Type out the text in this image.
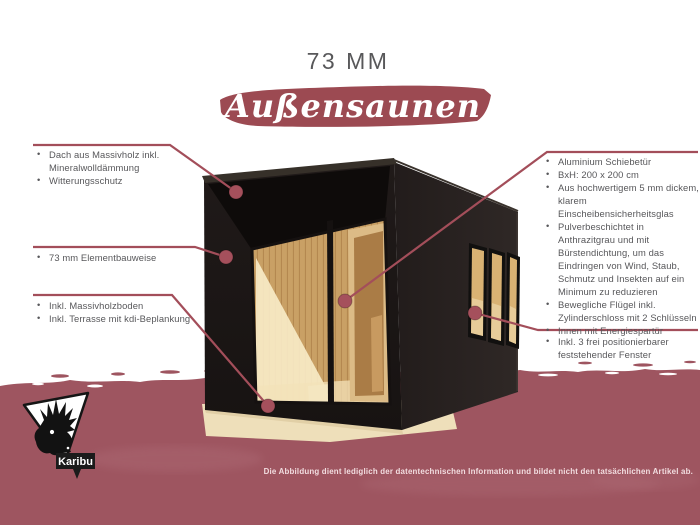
Karibu
73 MM
Außensaunen
• Dach aus Massivholz inkl. Mineralwolldämmung
• Witterungsschutz
• 73 mm Elementbauweise
• Inkl. Massivholzboden
• Inkl. Terrasse mit kdi-Beplankung
• Aluminium Schiebetür
• BxH: 200 x 200 cm
• Aus hochwertigem 5 mm dickem, klarem Einscheibensicherheitsglas
• Pulverbeschichtet in Anthrazitgrau und mit Bürstendichtung, um das Eindringen von Wind, Staub, Schmutz und Insekten auf ein Minimum zu reduzieren
• Bewegliche Flügel inkl. Zylinderschloss mit 2 Schlüsseln
• Innen mit Energiespartür
• Inkl. 3 frei positionierbarer feststehender Fenster
Die Abbildung dient lediglich der datentechnischen Information und bildet nicht den tatsächlichen Artikel ab.
